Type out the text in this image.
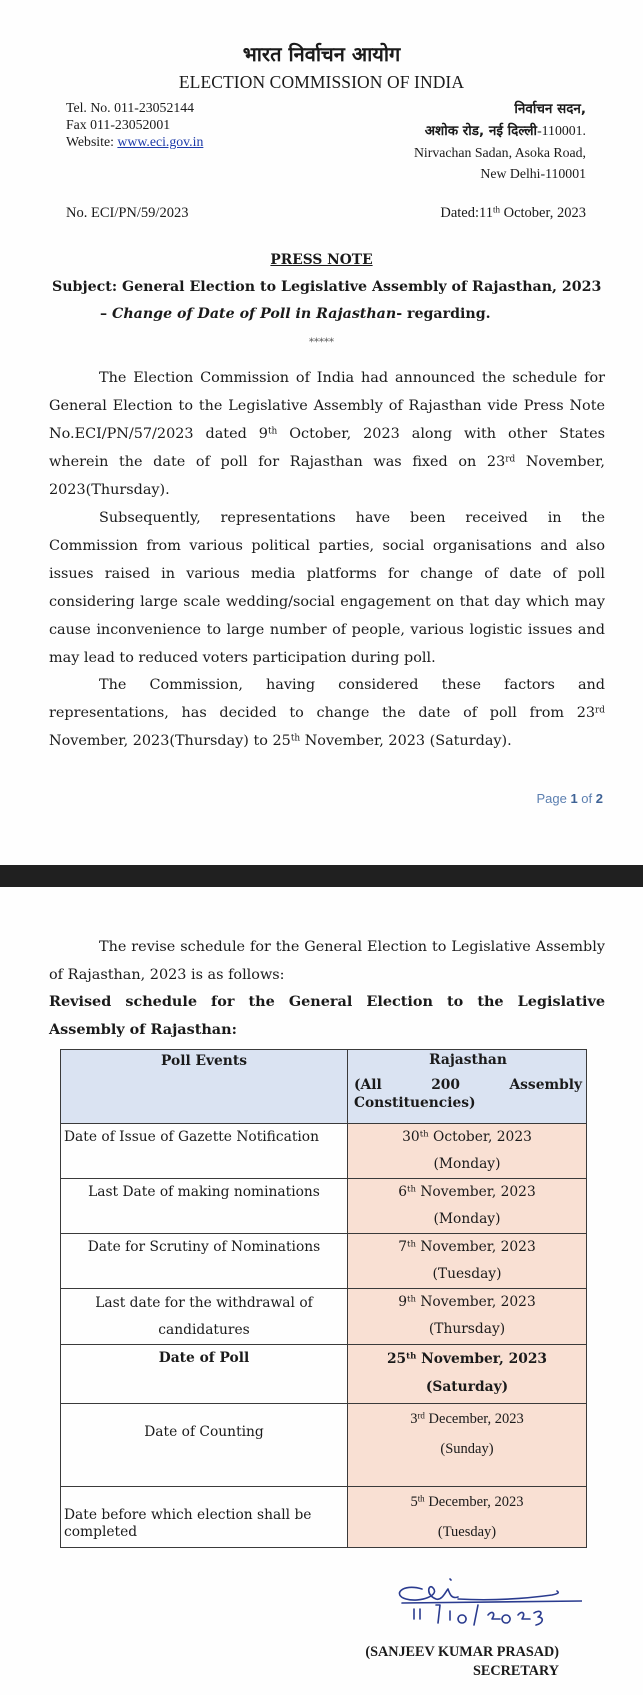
भारत निर्वाचन आयोग
ELECTION COMMISSION OF INDIA
Tel. No. 011-23052144
Fax 011-23052001
Website: www.eci.gov.in
निर्वाचन सदन,
अशोक रोड, नई दिल्ली-110001.
Nirvachan Sadan, Asoka Road,
New Delhi-110001
No. ECI/PN/59/2023	Dated:11th October, 2023
PRESS NOTE
Subject: General Election to Legislative Assembly of Rajasthan, 2023
– Change of Date of Poll in Rajasthan- regarding.
*****
The Election Commission of India had announced the schedule for General Election to the Legislative Assembly of Rajasthan vide Press Note No.ECI/PN/57/2023 dated 9th October, 2023 along with other States wherein the date of poll for Rajasthan was fixed on 23rd November, 2023(Thursday).
Subsequently, representations have been received in the Commission from various political parties, social organisations and also issues raised in various media platforms for change of date of poll considering large scale wedding/social engagement on that day which may cause inconvenience to large number of people, various logistic issues and may lead to reduced voters participation during poll.
The Commission, having considered these factors and representations, has decided to change the date of poll from 23rd November, 2023(Thursday) to 25th November, 2023 (Saturday).
Page 1 of 2
The revise schedule for the General Election to Legislative Assembly of Rajasthan, 2023 is as follows:
Revised schedule for the General Election to the Legislative Assembly of Rajasthan:
Poll Events	Rajasthan
(All 200 Assembly Constituencies)

Date of Issue of Gazette Notification	30th October, 2023
(Monday)

Last Date of making nominations	6th November, 2023
(Monday)

Date for Scrutiny of Nominations	7th November, 2023
(Tuesday)

Last date for the withdrawal of candidatures	9th November, 2023
(Thursday)

Date of Poll	25th November, 2023
(Saturday)

Date of Counting	3rd December, 2023
(Sunday)

Date before which election shall be completed	5th December, 2023
(Tuesday)
(SANJEEV KUMAR PRASAD)
SECRETARY
